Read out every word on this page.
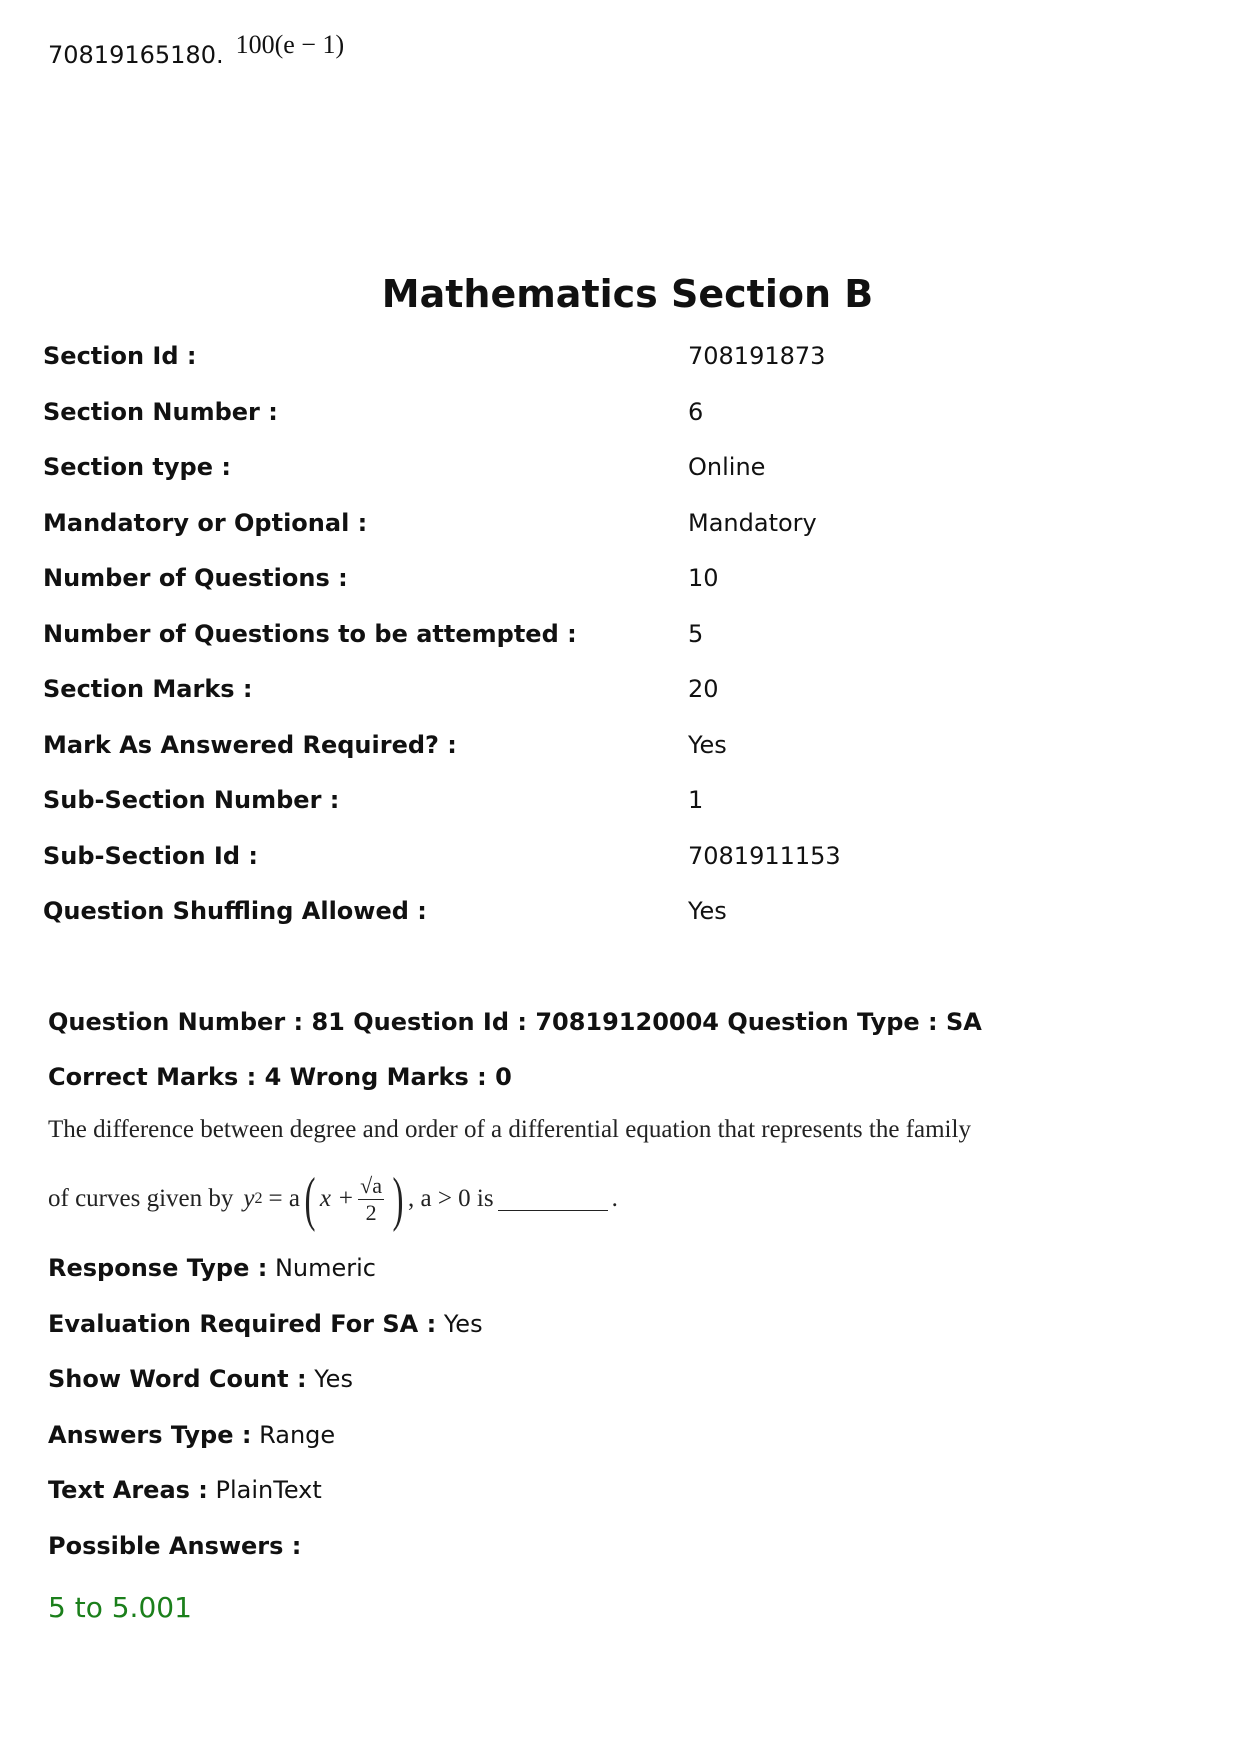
70819165180. 100(e − 1)
Mathematics Section B
Section Id :	708191873
Section Number :	6
Section type :	Online
Mandatory or Optional :	Mandatory
Number of Questions :	10
Number of Questions to be attempted :	5
Section Marks :	20
Mark As Answered Required? :	Yes
Sub-Section Number :	1
Sub-Section Id :	7081911153
Question Shuffling Allowed :	Yes
Question Number : 81 Question Id : 70819120004 Question Type : SA
Correct Marks : 4 Wrong Marks : 0
The difference between degree and order of a differential equation that represents the family
of curves given by y 2 = a ( $x + \frac{√a}{2}$ ) , a > 0 is	.
Response Type : Numeric
Evaluation Required For SA : Yes
Show Word Count : Yes
Answers Type : Range
Text Areas : PlainText
Possible Answers :
5 to 5.001
